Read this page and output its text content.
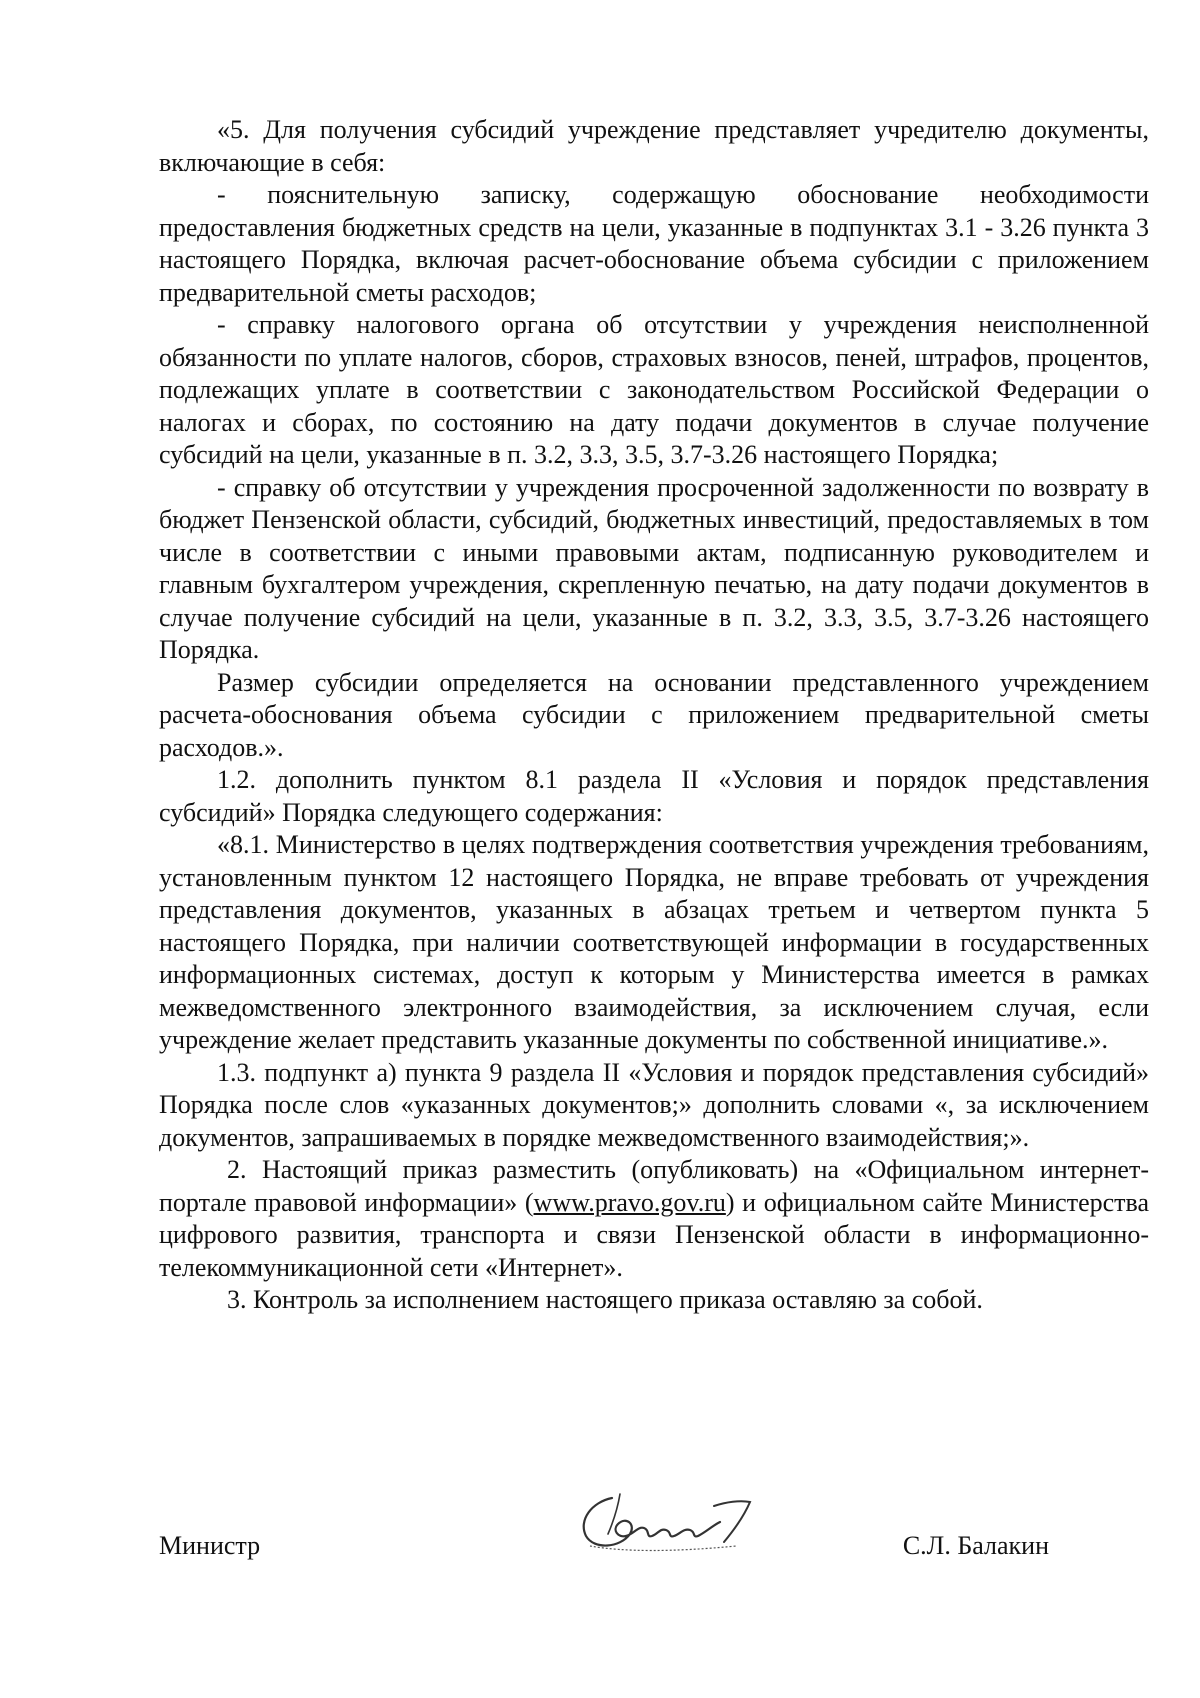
«5. Для получения субсидий учреждение представляет учредителю документы, включающие в себя:

- пояснительную записку, содержащую обоснование необходимости предоставления бюджетных средств на цели, указанные в подпунктах 3.1 - 3.26 пункта 3 настоящего Порядка, включая расчет-обоснование объема субсидии с приложением предварительной сметы расходов;

- справку налогового органа об отсутствии у учреждения неисполненной обязанности по уплате налогов, сборов, страховых взносов, пеней, штрафов, процентов, подлежащих уплате в соответствии с законодательством Российской Федерации о налогах и сборах, по состоянию на дату подачи документов в случае получение субсидий на цели, указанные в п. 3.2, 3.3, 3.5, 3.7-3.26 настоящего Порядка;

- справку об отсутствии у учреждения просроченной задолженности по возврату в бюджет Пензенской области, субсидий, бюджетных инвестиций, предоставляемых в том числе в соответствии с иными правовыми актам, подписанную руководителем и главным бухгалтером учреждения, скрепленную печатью, на дату подачи документов в случае получение субсидий на цели, указанные в п. 3.2, 3.3, 3.5, 3.7-3.26 настоящего Порядка.

Размер субсидии определяется на основании представленного учреждением расчета-обоснования объема субсидии с приложением предварительной сметы расходов.».

1.2. дополнить пунктом 8.1 раздела II «Условия и порядок представления субсидий» Порядка следующего содержания:

«8.1. Министерство в целях подтверждения соответствия учреждения требованиям, установленным пунктом 12 настоящего Порядка, не вправе требовать от учреждения представления документов, указанных в абзацах третьем и четвертом пункта 5 настоящего Порядка, при наличии соответствующей информации в государственных информационных системах, доступ к которым у Министерства имеется в рамках межведомственного электронного взаимодействия, за исключением случая, если учреждение желает представить указанные документы по собственной инициативе.».

1.3. подпункт а) пункта 9 раздела II «Условия и порядок представления субсидий» Порядка после слов «указанных документов;» дополнить словами «, за исключением документов, запрашиваемых в порядке межведомственного взаимодействия;».

2. Настоящий приказ разместить (опубликовать) на «Официальном интернет-портале правовой информации» (www.pravo.gov.ru) и официальном сайте Министерства цифрового развития, транспорта и связи Пензенской области в информационно-телекоммуникационной сети «Интернет».

3. Контроль за исполнением настоящего приказа оставляю за собой.

Министр	С.Л. Балакин
